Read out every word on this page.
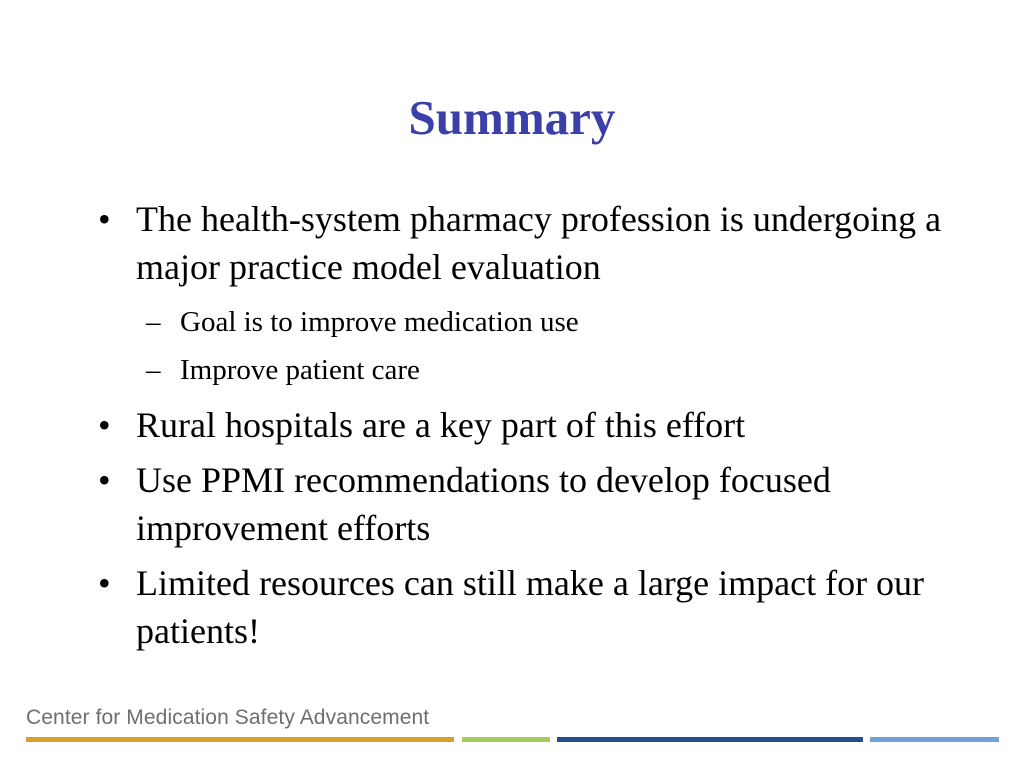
Summary
• The health-system pharmacy profession is undergoing a major practice model evaluation
– Goal is to improve medication use
– Improve patient care
• Rural hospitals are a key part of this effort
• Use PPMI recommendations to develop focused improvement efforts
• Limited resources can still make a large impact for our patients!
Center for Medication Safety Advancement
